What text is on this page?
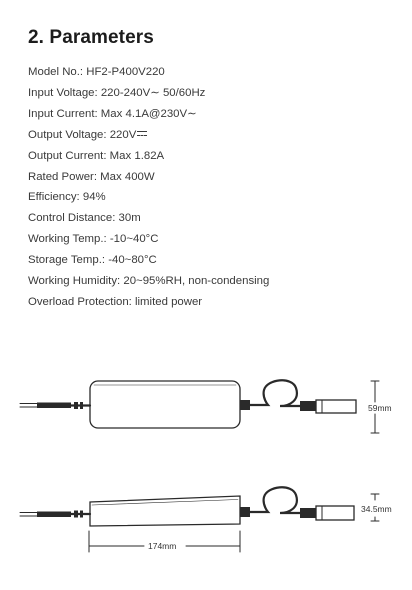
2. Parameters
Model No.: HF2-P400V220
Input Voltage: 220-240V∼ 50/60Hz
Input Current: Max 4.1A@230V∼
Output Voltage: 220V
Output Current: Max 1.82A
Rated Power: Max 400W
Efficiency: 94%
Control Distance: 30m
Working Temp.: -10~40°C
Storage Temp.: -40~80°C
Working Humidity: 20~95%RH, non-condensing
Overload Protection: limited power
59mm
34.5mm
174mm
